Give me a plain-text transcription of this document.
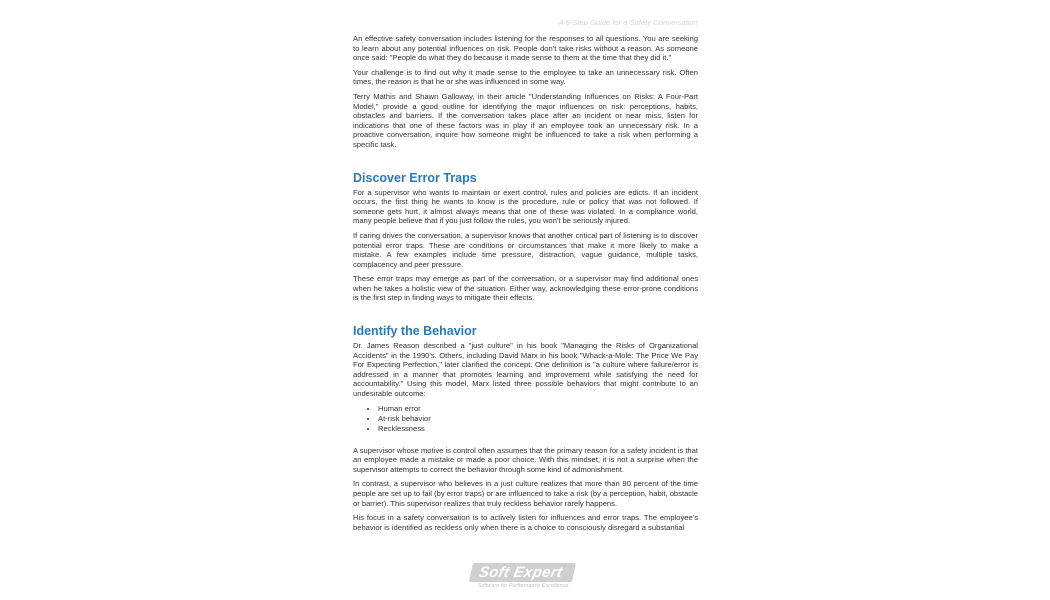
A 5-Step Guide for a Safety Conversation

An effective safety conversation includes listening for the responses to all questions. You are seeking to learn about any potential influences on risk. People don't take risks without a reason. As someone once said: "People do what they do because it made sense to them at the time that they did it."

Your challenge is to find out why it made sense to the employee to take an unnecessary risk. Often times, the reason is that he or she was influenced in some way.

Terry Mathis and Shawn Galloway, in their article "Understanding Influences on Risks: A Four-Part Model," provide a good outline for identifying the major influences on risk: perceptions, habits, obstacles and barriers. If the conversation takes place after an incident or near miss, listen for indications that one of these factors was in play if an employee took an unnecessary risk. In a proactive conversation, inquire how someone might be influenced to take a risk when performing a specific task.

Discover Error Traps

For a supervisor who wants to maintain or exert control, rules and policies are edicts. If an incident occurs, the first thing he wants to know is the procedure, rule or policy that was not followed. If someone gets hurt, it almost always means that one of these was violated. In a compliance world, many people believe that if you just follow the rules, you won't be seriously injured.

If caring drives the conversation, a supervisor knows that another critical part of listening is to discover potential error traps. These are conditions or circumstances that make it more likely to make a mistake. A few examples include time pressure, distraction, vague guidance, multiple tasks, complacency and peer pressure.

These error traps may emerge as part of the conversation, or a supervisor may find additional ones when he takes a holistic view of the situation. Either way, acknowledging these error-prone conditions is the first step in finding ways to mitigate their effects.

Identify the Behavior

Dr. James Reason described a "just culture" in his book "Managing the Risks of Organizational Accidents" in the 1990's. Others, including David Marx in his book "Whack-a-Mole: The Price We Pay For Expecting Perfection," later clarified the concept. One definition is "a culture where failure/error is addressed in a manner that promotes learning and improvement while satisfying the need for accountability." Using this model, Marx listed three possible behaviors that might contribute to an undesirable outcome:

• Human error
• At-risk behavior
• Recklessness

A supervisor whose motive is control often assumes that the primary reason for a safety incident is that an employee made a mistake or made a poor choice. With this mindset, it is not a surprise when the supervisor attempts to correct the behavior through some kind of admonishment.

In contrast, a supervisor who believes in a just culture realizes that more than 90 percent of the time people are set up to fail (by error traps) or are influenced to take a risk (by a perception, habit, obstacle or barrier). This supervisor realizes that truly reckless behavior rarely happens.

His focus in a safety conversation is to actively listen for influences and error traps. The employee's behavior is identified as reckless only when there is a choice to consciously disregard a substantial

Soft Expert®
Software for Performance Excellence
